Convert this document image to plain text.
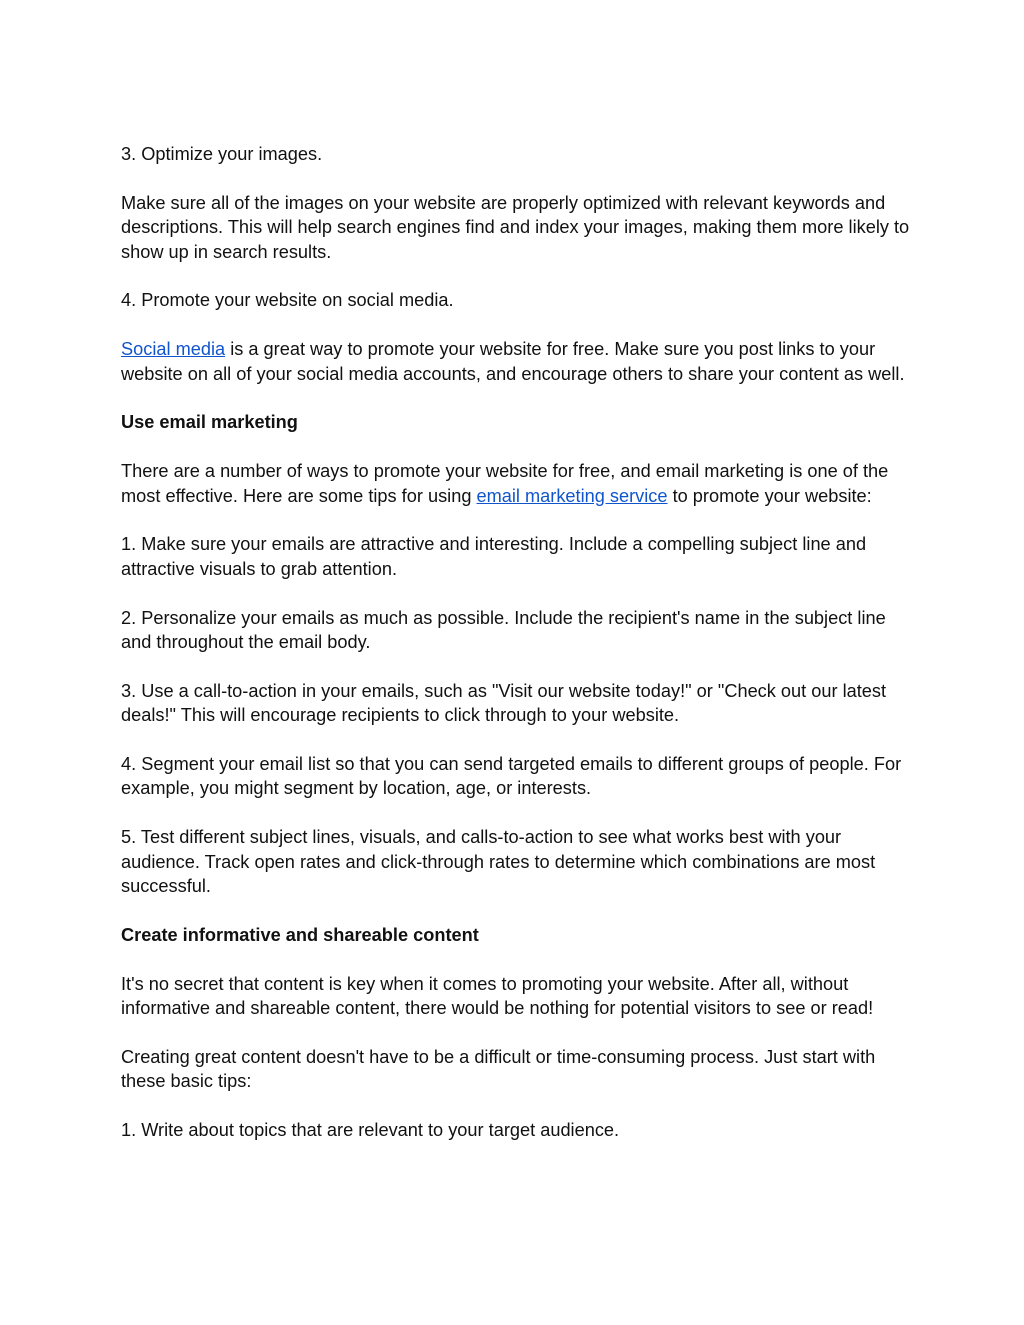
3. Optimize your images.

Make sure all of the images on your website are properly optimized with relevant keywords and descriptions. This will help search engines find and index your images, making them more likely to show up in search results.

4. Promote your website on social media.

Social media is a great way to promote your website for free. Make sure you post links to your website on all of your social media accounts, and encourage others to share your content as well.

Use email marketing

There are a number of ways to promote your website for free, and email marketing is one of the most effective. Here are some tips for using email marketing service to promote your website:

1. Make sure your emails are attractive and interesting. Include a compelling subject line and attractive visuals to grab attention.

2. Personalize your emails as much as possible. Include the recipient's name in the subject line and throughout the email body.

3. Use a call-to-action in your emails, such as "Visit our website today!" or "Check out our latest deals!" This will encourage recipients to click through to your website.

4. Segment your email list so that you can send targeted emails to different groups of people. For example, you might segment by location, age, or interests.

5. Test different subject lines, visuals, and calls-to-action to see what works best with your audience. Track open rates and click-through rates to determine which combinations are most successful.

Create informative and shareable content

It's no secret that content is key when it comes to promoting your website. After all, without informative and shareable content, there would be nothing for potential visitors to see or read!

Creating great content doesn't have to be a difficult or time-consuming process. Just start with these basic tips:

1. Write about topics that are relevant to your target audience.
